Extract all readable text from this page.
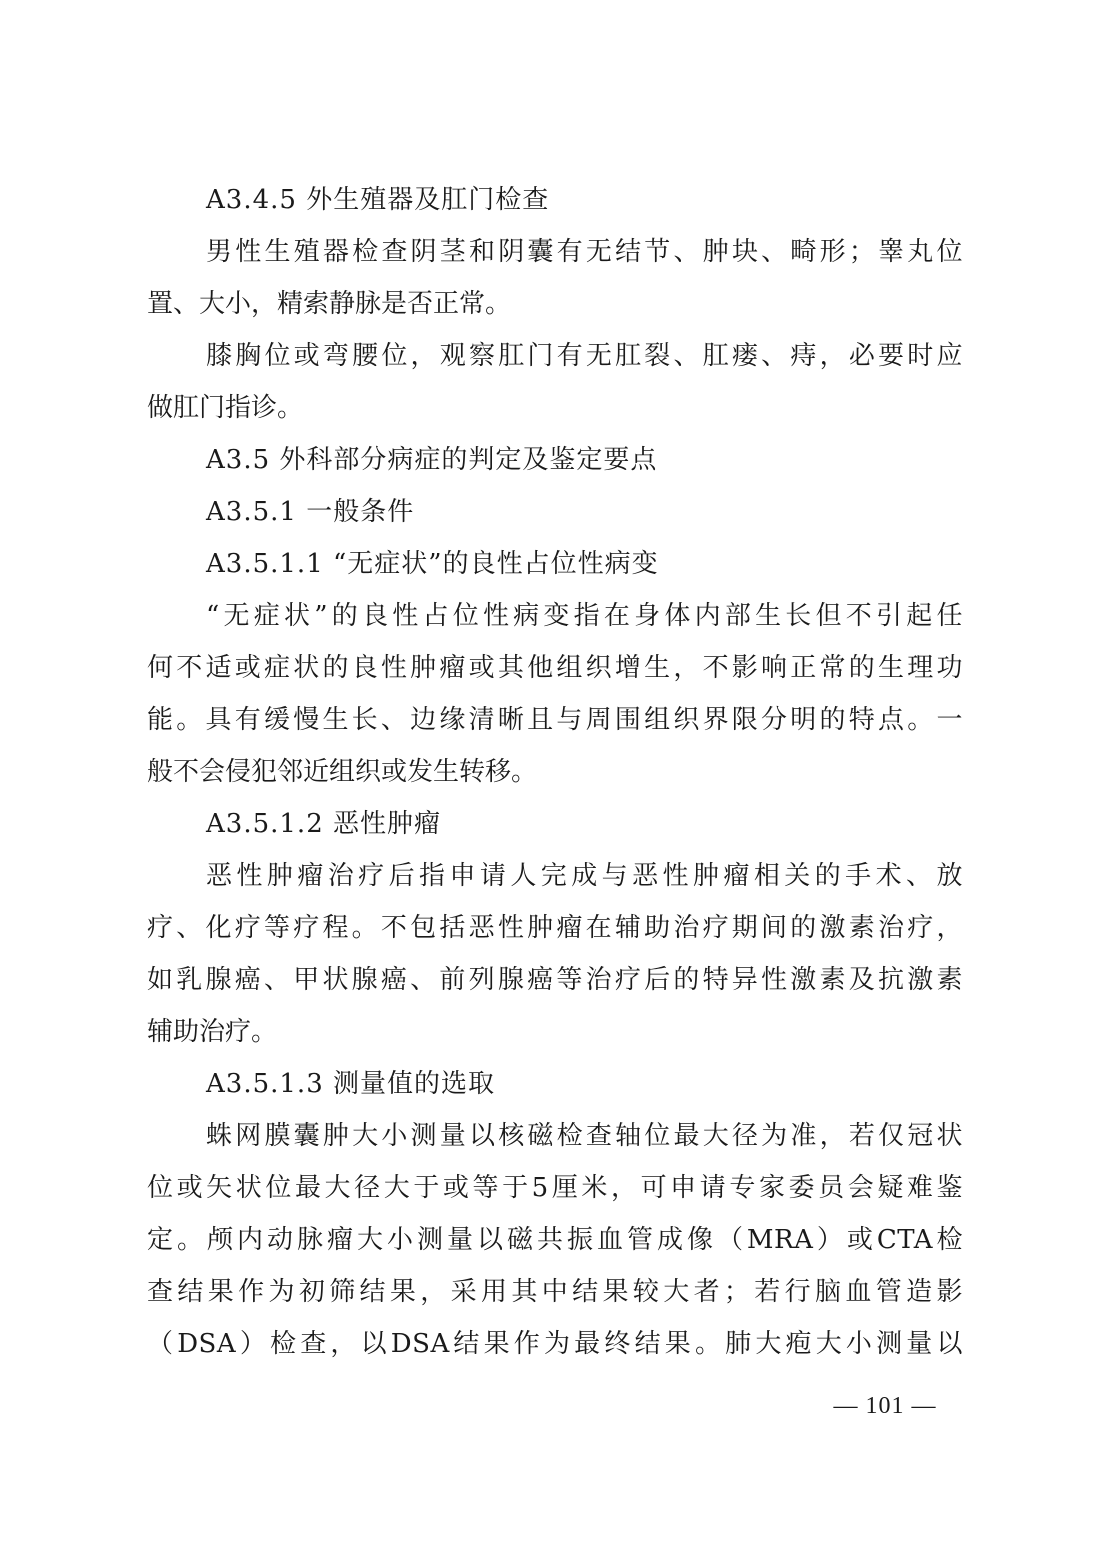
A3.4.5 外生殖器及肛门检查
男性生殖器检查阴茎和阴囊有无结节、肿块、畸形；睾丸位
置、大小，精索静脉是否正常。
膝胸位或弯腰位，观察肛门有无肛裂、肛瘘、痔，必要时应
做肛门指诊。
A3.5 外科部分病症的判定及鉴定要点
A3.5.1 一般条件
A3.5.1.1 “无症状”的良性占位性病变
“无症状”的良性占位性病变指在身体内部生长但不引起任
何不适或症状的良性肿瘤或其他组织增生，不影响正常的生理功
能。具有缓慢生长、边缘清晰且与周围组织界限分明的特点。一
般不会侵犯邻近组织或发生转移。
A3.5.1.2 恶性肿瘤
恶性肿瘤治疗后指申请人完成与恶性肿瘤相关的手术、放
疗、化疗等疗程。不包括恶性肿瘤在辅助治疗期间的激素治疗，
如乳腺癌、甲状腺癌、前列腺癌等治疗后的特异性激素及抗激素
辅助治疗。
A3.5.1.3 测量值的选取
蛛网膜囊肿大小测量以核磁检查轴位最大径为准，若仅冠状
位或矢状位最大径大于或等于5厘米，可申请专家委员会疑难鉴
定。颅内动脉瘤大小测量以磁共振血管成像（MRA）或CTA检
查结果作为初筛结果，采用其中结果较大者；若行脑血管造影
（DSA）检查，以DSA结果作为最终结果。肺大疱大小测量以
— 101 —
